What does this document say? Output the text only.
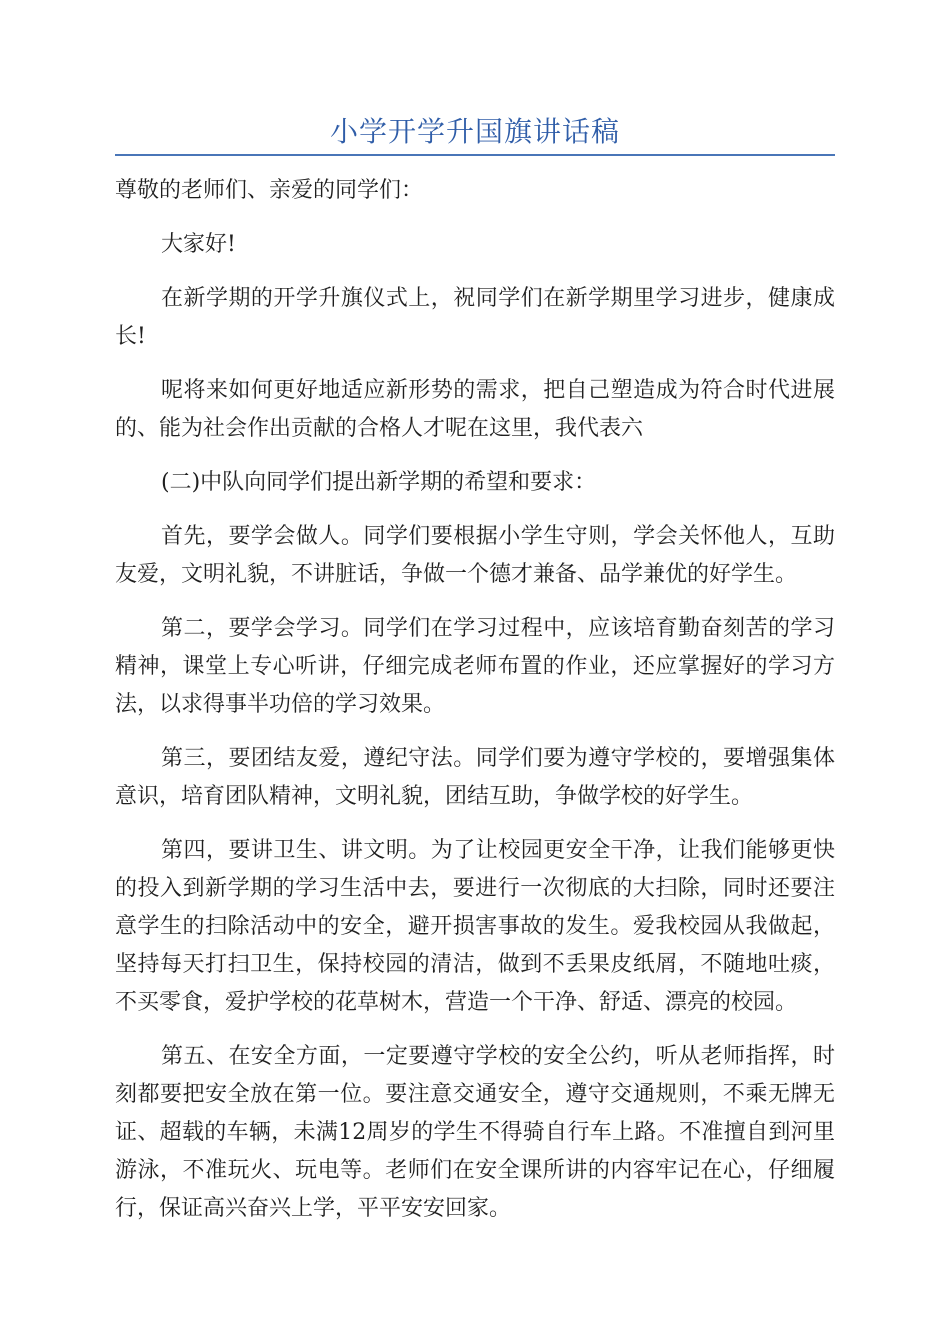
小学开学升国旗讲话稿

尊敬的老师们、亲爱的同学们：

大家好!

在新学期的开学升旗仪式上，祝同学们在新学期里学习进步，健康成长!

呢将来如何更好地适应新形势的需求，把自己塑造成为符合时代进展的、能为社会作出贡献的合格人才呢在这里，我代表六

(二)中队向同学们提出新学期的希望和要求：

首先，要学会做人。同学们要根据小学生守则，学会关怀他人，互助友爱，文明礼貌，不讲脏话，争做一个德才兼备、品学兼优的好学生。

第二，要学会学习。同学们在学习过程中，应该培育勤奋刻苦的学习精神，课堂上专心听讲，仔细完成老师布置的作业，还应掌握好的学习方法，以求得事半功倍的学习效果。

第三，要团结友爱，遵纪守法。同学们要为遵守学校的，要增强集体意识，培育团队精神，文明礼貌，团结互助，争做学校的好学生。

第四，要讲卫生、讲文明。为了让校园更安全干净，让我们能够更快的投入到新学期的学习生活中去，要进行一次彻底的大扫除，同时还要注意学生的扫除活动中的安全，避开损害事故的发生。爱我校园从我做起，坚持每天打扫卫生，保持校园的清洁，做到不丢果皮纸屑，不随地吐痰，不买零食，爱护学校的花草树木，营造一个干净、舒适、漂亮的校园。

第五、在安全方面，一定要遵守学校的安全公约，听从老师指挥，时刻都要把安全放在第一位。要注意交通安全，遵守交通规则，不乘无牌无证、超载的车辆，未满12周岁的学生不得骑自行车上路。不准擅自到河里游泳，不准玩火、玩电等。老师们在安全课所讲的内容牢记在心，仔细履行，保证高兴奋兴上学，平平安安回家。
